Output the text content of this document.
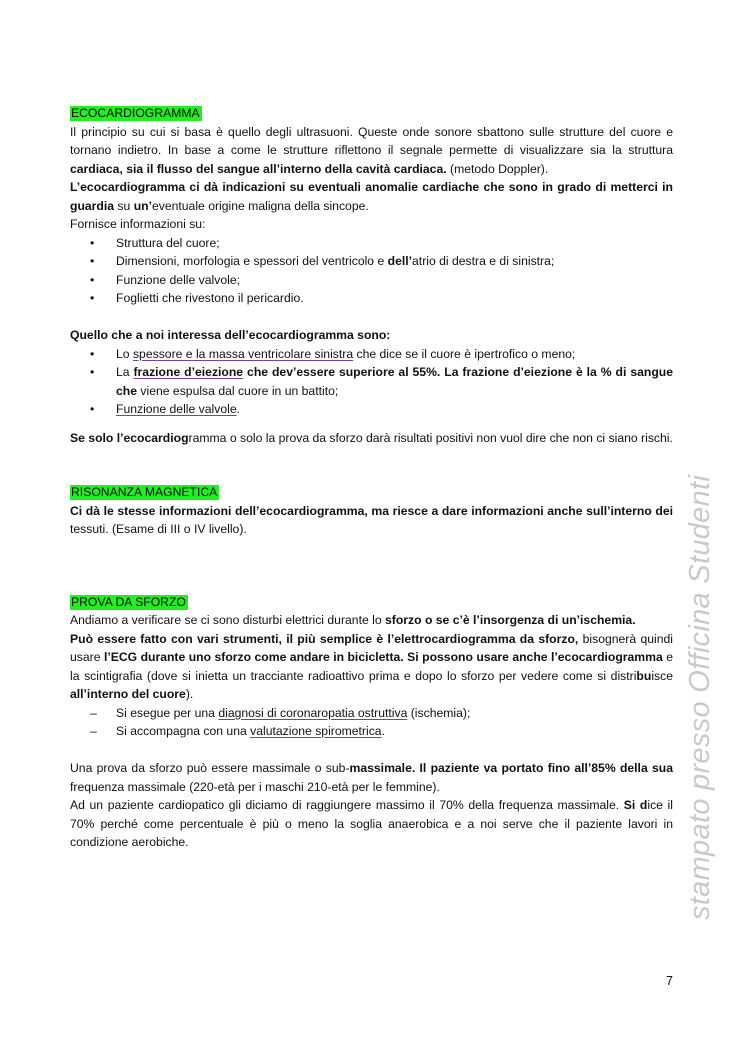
ECOCARDIOGRAMMA
Il principio su cui si basa è quello degli ultrasuoni. Queste onde sonore sbattono sulle strutture del cuore e tornano indietro. In base a come le strutture riflettono il segnale permette di visualizzare sia la struttura cardiaca, sia il flusso del sangue all’interno della cavità cardiaca. (metodo Doppler).
L’ecocardiogramma ci dà indicazioni su eventuali anomalie cardiache che sono in grado di metterci in guardia su un’eventuale origine maligna della sincope.
Fornisce informazioni su:
• Struttura del cuore;
• Dimensioni, morfologia e spessori del ventricolo e dell’atrio di destra e di sinistra;
• Funzione delle valvole;
• Foglietti che rivestono il pericardio.
Quello che a noi interessa dell’ecocardiogramma sono:
• Lo spessore e la massa ventricolare sinistra che dice se il cuore è ipertrofico o meno;
• La frazione d’eiezione che dev’essere superiore al 55%. La frazione d’eiezione è la % di sangue che viene espulsa dal cuore in un battito;
• Funzione delle valvole.
Se solo l’ecocardiogramma o solo la prova da sforzo darà risultati positivi non vuol dire che non ci siano rischi.
RISONANZA MAGNETICA
Ci dà le stesse informazioni dell’ecocardiogramma, ma riesce a dare informazioni anche sull’interno dei tessuti. (Esame di III o IV livello).
PROVA DA SFORZO
Andiamo a verificare se ci sono disturbi elettrici durante lo sforzo o se c’è l’insorgenza di un’ischemia.
Può essere fatto con vari strumenti, il più semplice è l’elettrocardiogramma da sforzo, bisognerà quindi usare l’ECG durante uno sforzo come andare in bicicletta. Si possono usare anche l’ecocardiogramma e la scintigrafia (dove si inietta un tracciante radioattivo prima e dopo lo sforzo per vedere come si distribuisce all’interno del cuore).
– Si esegue per una diagnosi di coronaropatia ostruttiva (ischemia);
– Si accompagna con una valutazione spirometrica.
Una prova da sforzo può essere massimale o sub-massimale. Il paziente va portato fino all’85% della sua frequenza massimale (220-età per i maschi 210-età per le femmine).
Ad un paziente cardiopatico gli diciamo di raggiungere massimo il 70% della frequenza massimale. Si dice il 70% perché come percentuale è più o meno la soglia anaerobica e a noi serve che il paziente lavori in condizione aerobiche.	stampato presso Officina Studenti
7
